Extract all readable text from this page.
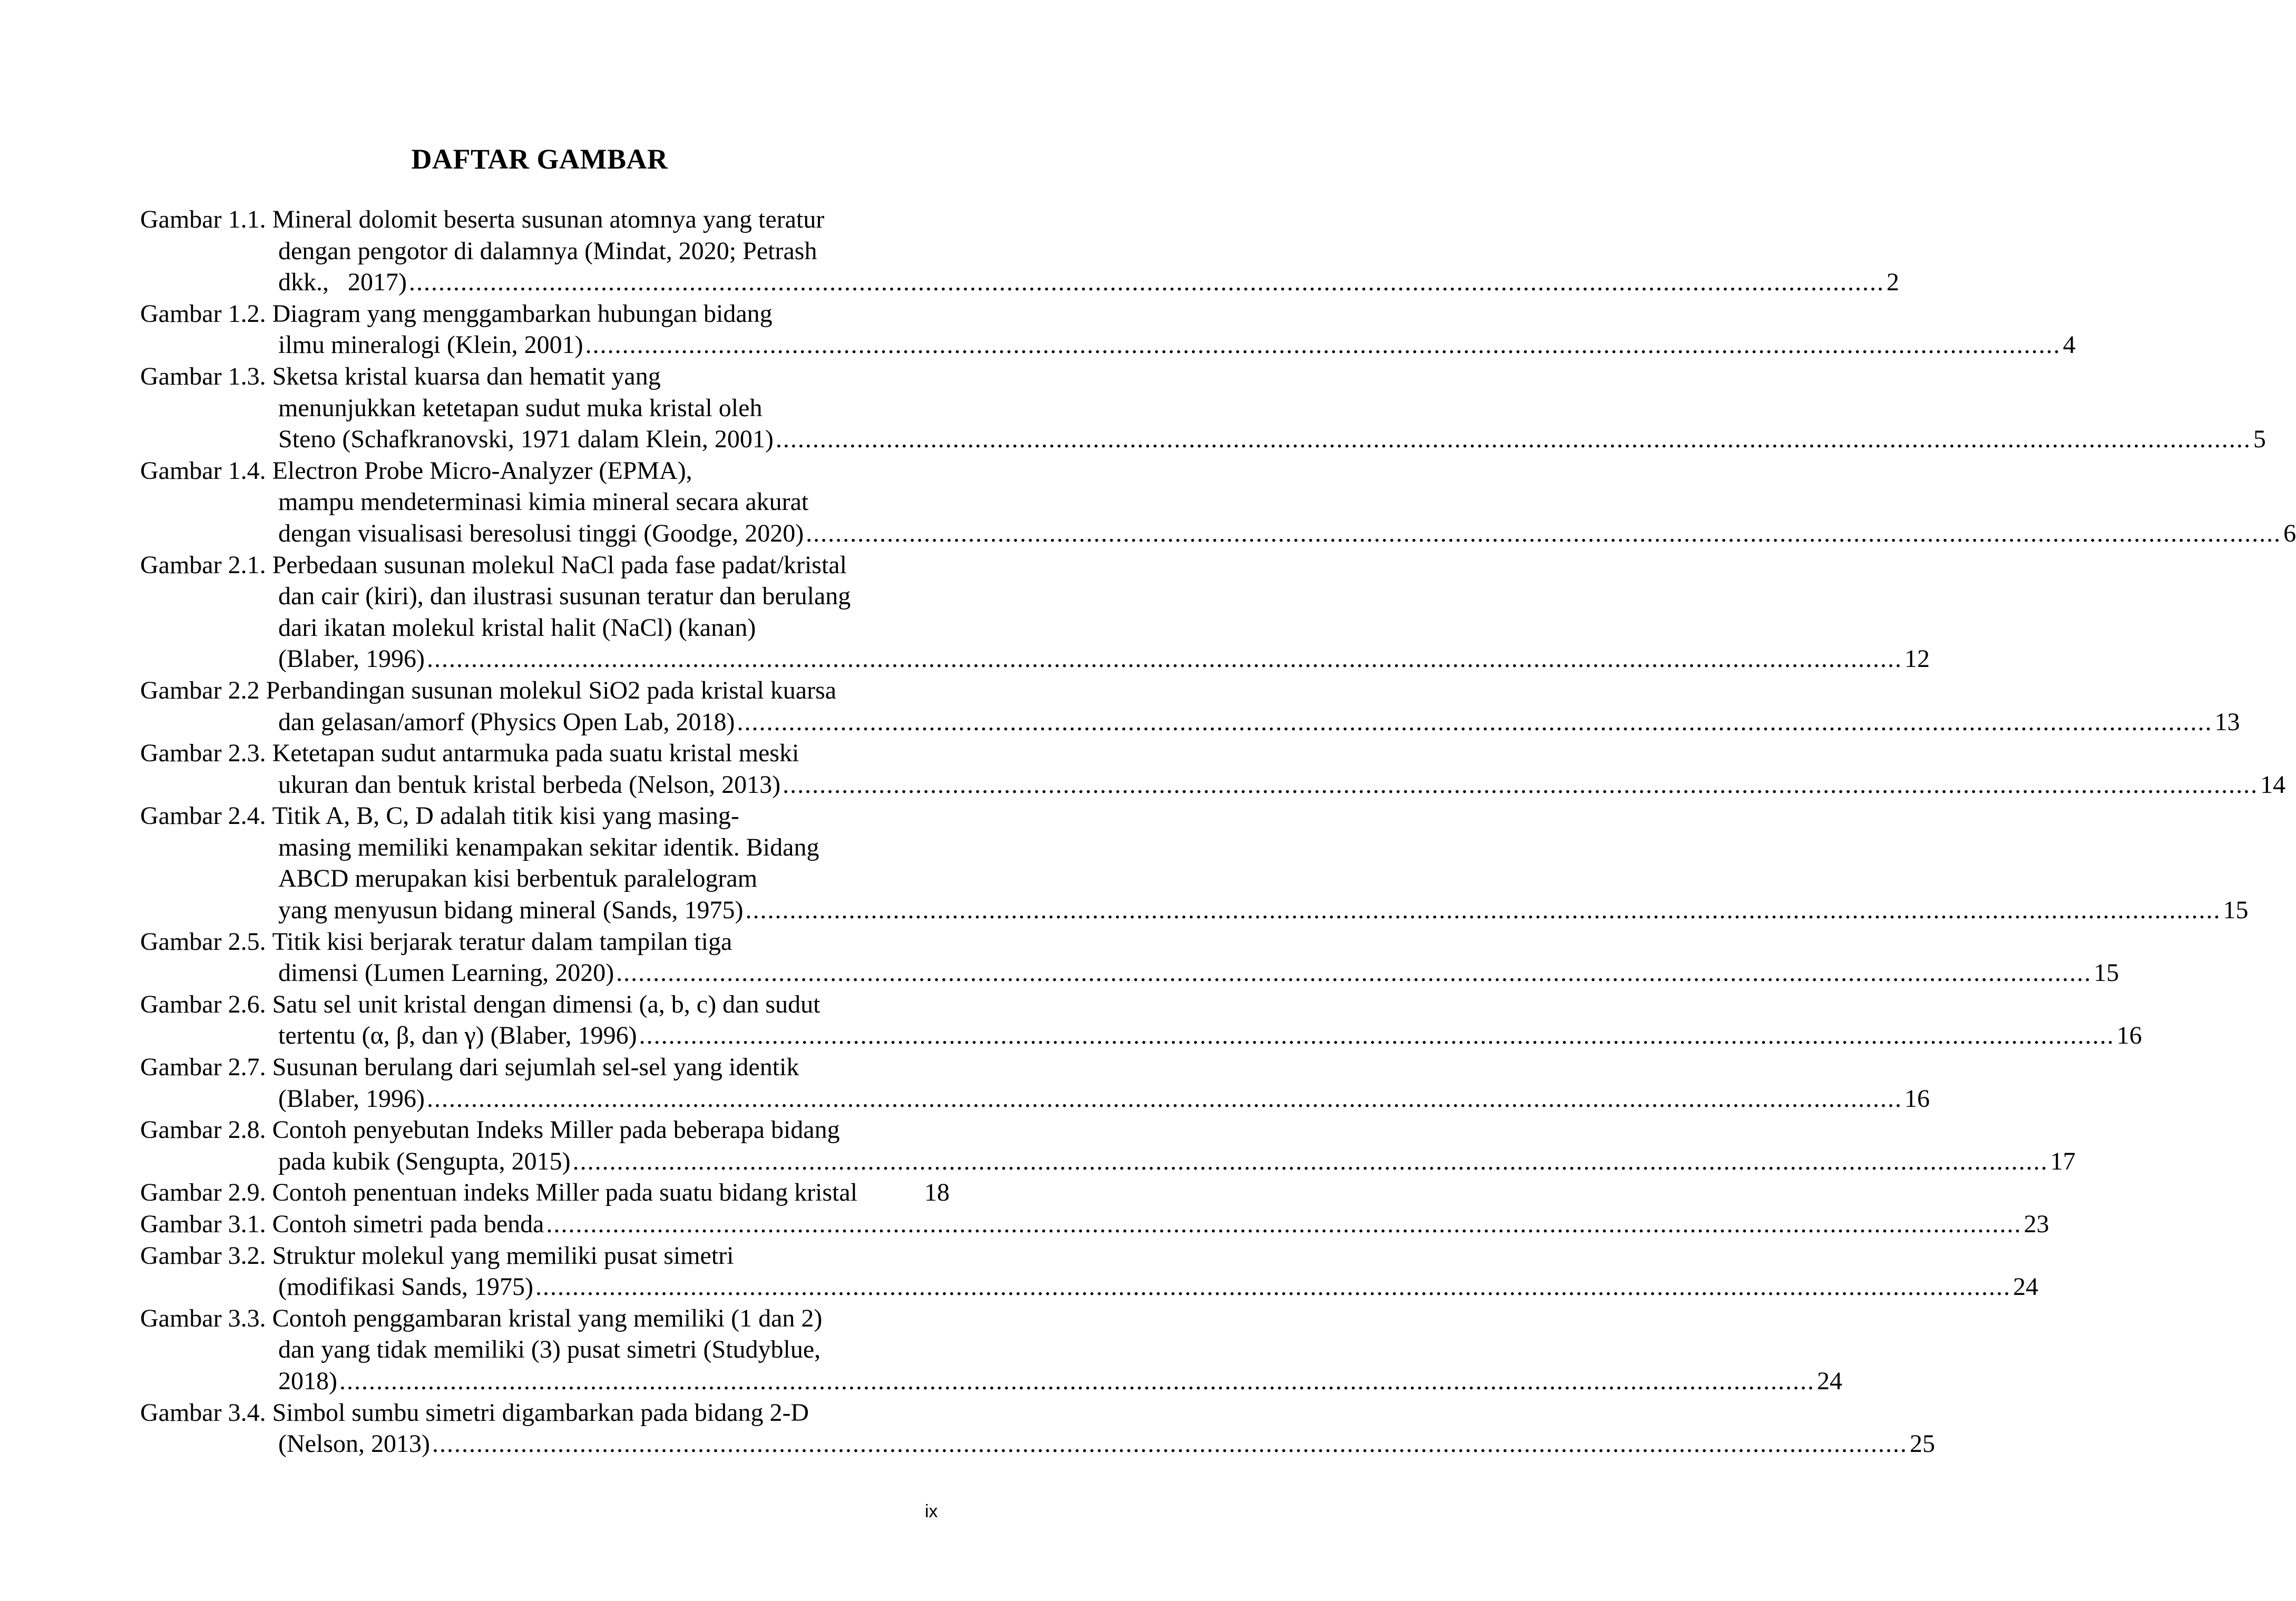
DAFTAR GAMBAR
Gambar 1.1. Mineral dolomit beserta susunan atomnya yang teratur
dengan pengotor di dalamnya (Mindat, 2020; Petrash
dkk.,   2017) ........................................................................................................................................................................................................ 2
Gambar 1.2. Diagram yang menggambarkan hubungan bidang
ilmu mineralogi (Klein, 2001) ........................................................................................................................................................................................................ 4
Gambar 1.3. Sketsa kristal kuarsa dan hematit yang
menunjukkan ketetapan sudut muka kristal oleh
Steno (Schafkranovski, 1971 dalam Klein, 2001) ........................................................................................................................................................................................................ 5
Gambar 1.4. Electron Probe Micro-Analyzer (EPMA),
mampu mendeterminasi kimia mineral secara akurat
dengan visualisasi beresolusi tinggi (Goodge, 2020) ........................................................................................................................................................................................................ 6
Gambar 2.1. Perbedaan susunan molekul NaCl pada fase padat/kristal
dan cair (kiri), dan ilustrasi susunan teratur dan berulang
dari ikatan molekul kristal halit (NaCl) (kanan)
(Blaber, 1996) ........................................................................................................................................................................................................ 12
Gambar 2.2 Perbandingan susunan molekul SiO2 pada kristal kuarsa
dan gelasan/amorf (Physics Open Lab, 2018) ........................................................................................................................................................................................................ 13
Gambar 2.3. Ketetapan sudut antarmuka pada suatu kristal meski
ukuran dan bentuk kristal berbeda (Nelson, 2013) ........................................................................................................................................................................................................ 14
Gambar 2.4. Titik A, B, C, D adalah titik kisi yang masing-
masing memiliki kenampakan sekitar identik. Bidang
ABCD merupakan kisi berbentuk paralelogram
yang menyusun bidang mineral (Sands, 1975) ........................................................................................................................................................................................................ 15
Gambar 2.5. Titik kisi berjarak teratur dalam tampilan tiga
dimensi (Lumen Learning, 2020) ........................................................................................................................................................................................................ 15
Gambar 2.6. Satu sel unit kristal dengan dimensi (a, b, c) dan sudut
tertentu (α, β, dan γ) (Blaber, 1996) ........................................................................................................................................................................................................ 16
Gambar 2.7. Susunan berulang dari sejumlah sel-sel yang identik
(Blaber, 1996) ........................................................................................................................................................................................................ 16
Gambar 2.8. Contoh penyebutan Indeks Miller pada beberapa bidang
pada kubik (Sengupta, 2015) ........................................................................................................................................................................................................ 17
Gambar 2.9. Contoh penentuan indeks Miller pada suatu bidang kristal	18
Gambar 3.1. Contoh simetri pada benda ........................................................................................................................................................................................................ 23
Gambar 3.2. Struktur molekul yang memiliki pusat simetri
(modifikasi Sands, 1975) ........................................................................................................................................................................................................ 24
Gambar 3.3. Contoh penggambaran kristal yang memiliki (1 dan 2)
dan yang tidak memiliki (3) pusat simetri (Studyblue,
2018) ........................................................................................................................................................................................................ 24
Gambar 3.4. Simbol sumbu simetri digambarkan pada bidang 2-D
(Nelson, 2013) ........................................................................................................................................................................................................ 25
ix
